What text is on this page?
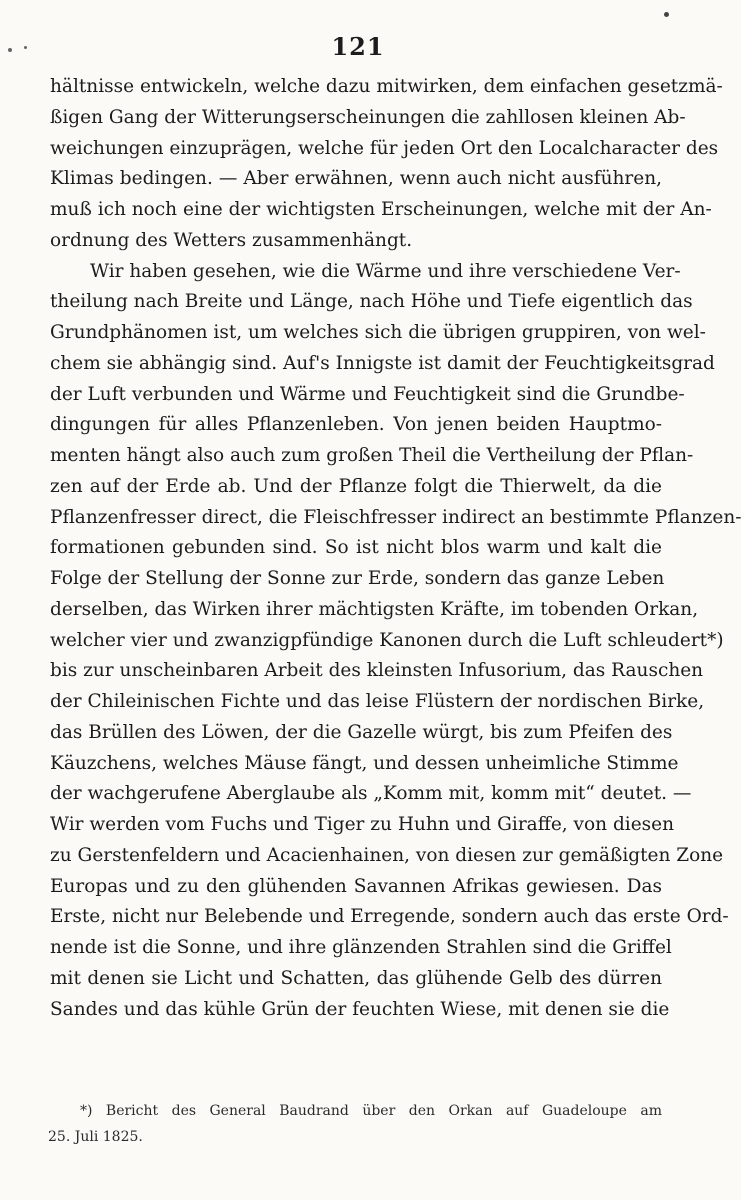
121
hältnisse entwickeln, welche dazu mitwirken, dem einfachen gesetzmä-
ßigen Gang der Witterungserscheinungen die zahllosen kleinen Ab-
weichungen einzuprägen, welche für jeden Ort den Localcharacter des
Klimas bedingen. — Aber erwähnen, wenn auch nicht ausführen,
muß ich noch eine der wichtigsten Erscheinungen, welche mit der An-
ordnung des Wetters zusammenhängt.
Wir haben gesehen, wie die Wärme und ihre verschiedene Ver-
theilung nach Breite und Länge, nach Höhe und Tiefe eigentlich das
Grundphänomen ist, um welches sich die übrigen gruppiren, von wel-
chem sie abhängig sind. Auf's Innigste ist damit der Feuchtigkeitsgrad
der Luft verbunden und Wärme und Feuchtigkeit sind die Grundbe-
dingungen für alles Pflanzenleben. Von jenen beiden Hauptmo-
menten hängt also auch zum großen Theil die Vertheilung der Pflan-
zen auf der Erde ab. Und der Pflanze folgt die Thierwelt, da die
Pflanzenfresser direct, die Fleischfresser indirect an bestimmte Pflanzen-
formationen gebunden sind. So ist nicht blos warm und kalt die
Folge der Stellung der Sonne zur Erde, sondern das ganze Leben
derselben, das Wirken ihrer mächtigsten Kräfte, im tobenden Orkan,
welcher vier und zwanzigpfündige Kanonen durch die Luft schleudert*)
bis zur unscheinbaren Arbeit des kleinsten Infusorium, das Rauschen
der Chileinischen Fichte und das leise Flüstern der nordischen Birke,
das Brüllen des Löwen, der die Gazelle würgt, bis zum Pfeifen des
Käuzchens, welches Mäuse fängt, und dessen unheimliche Stimme
der wachgerufene Aberglaube als „Komm mit, komm mit“ deutet. —
Wir werden vom Fuchs und Tiger zu Huhn und Giraffe, von diesen
zu Gerstenfeldern und Acacienhainen, von diesen zur gemäßigten Zone
Europas und zu den glühenden Savannen Afrikas gewiesen. Das
Erste, nicht nur Belebende und Erregende, sondern auch das erste Ord-
nende ist die Sonne, und ihre glänzenden Strahlen sind die Griffel
mit denen sie Licht und Schatten, das glühende Gelb des dürren
Sandes und das kühle Grün der feuchten Wiese, mit denen sie die
*) Bericht des General Baudrand über den Orkan auf Guadeloupe am
25. Juli 1825.
